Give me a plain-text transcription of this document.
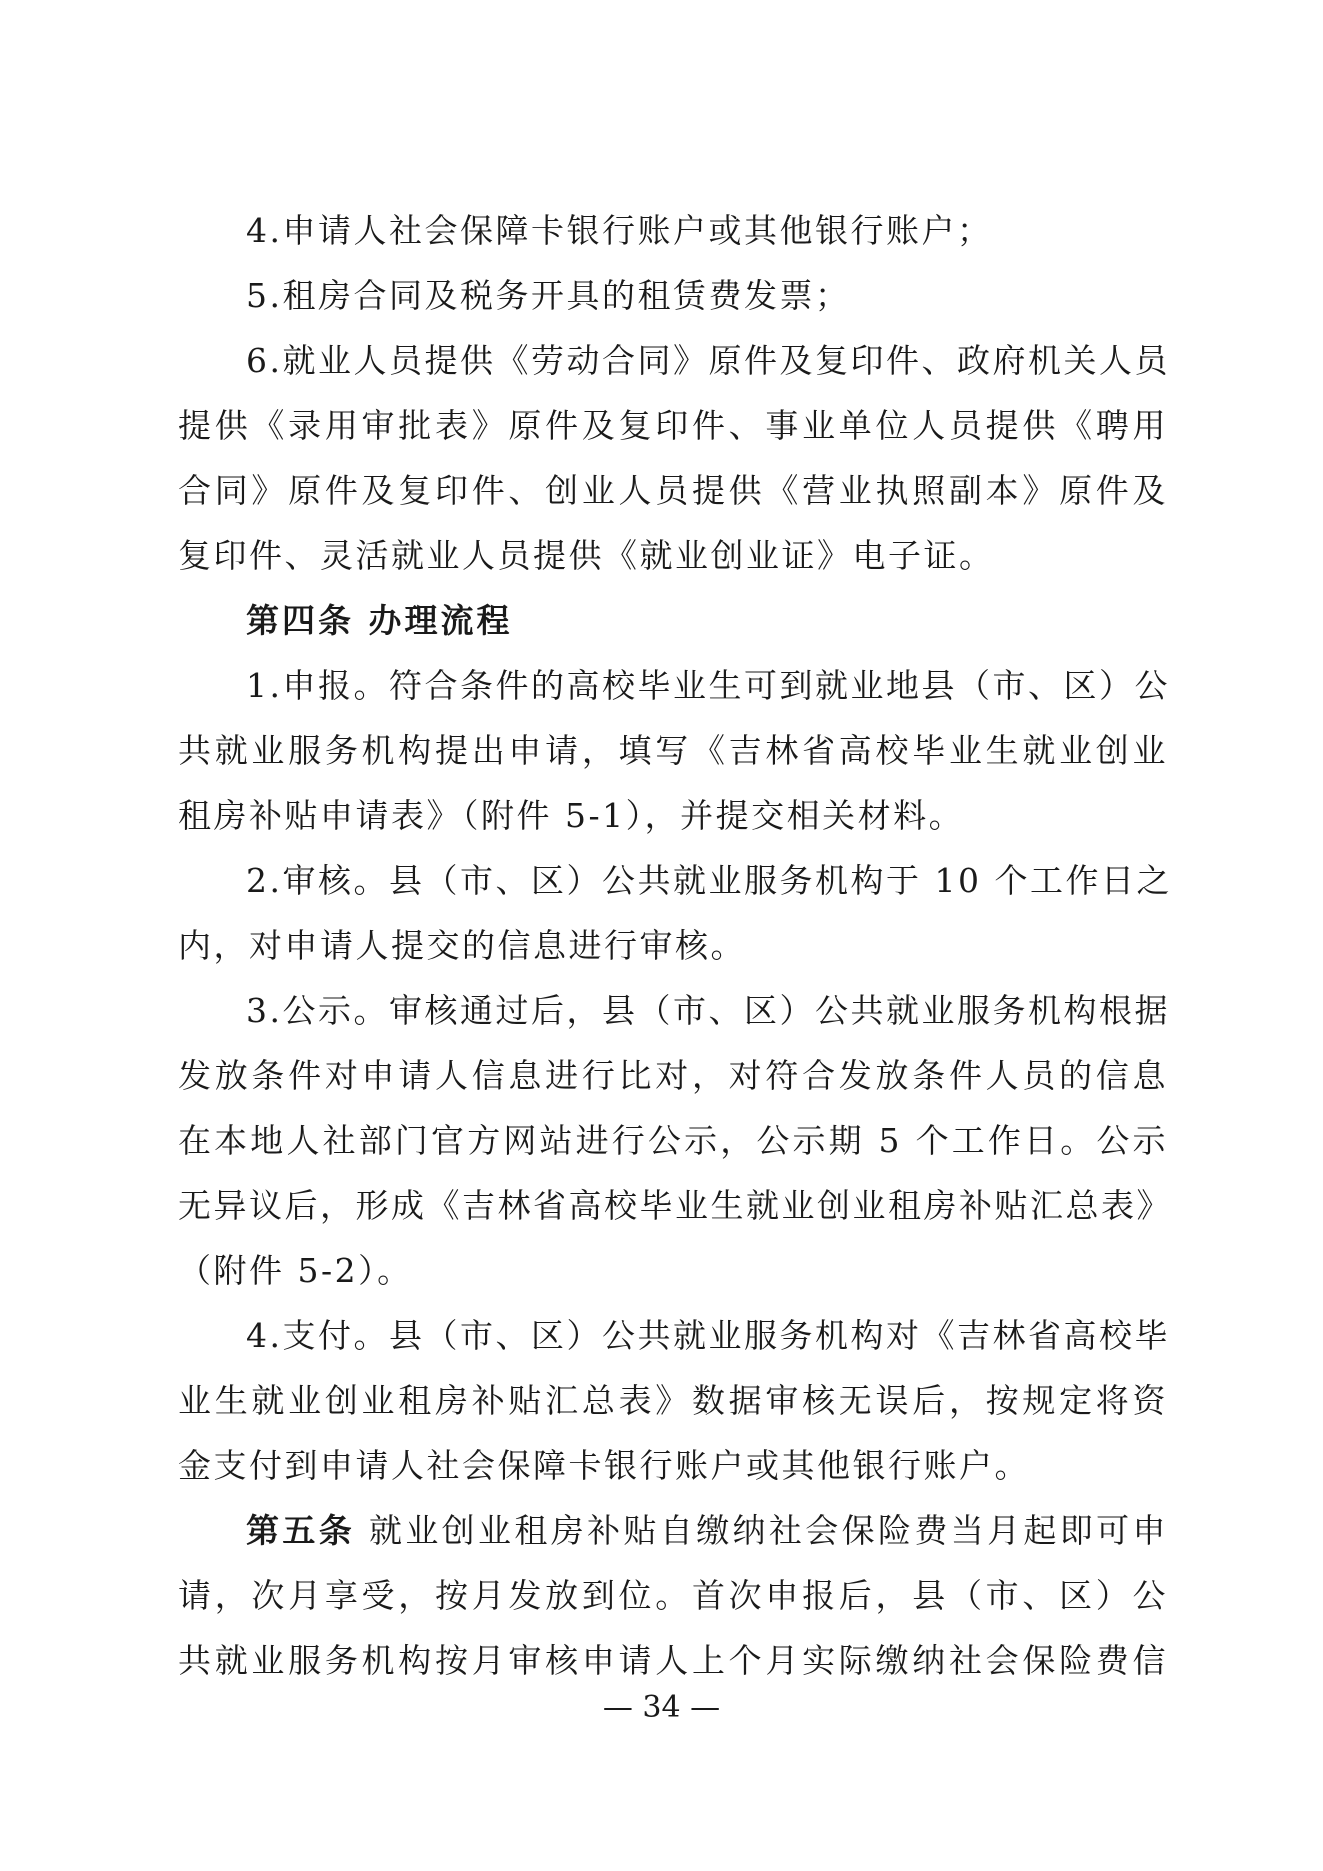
4.申请人社会保障卡银行账户或其他银行账户；
5.租房合同及税务开具的租赁费发票；
6.就业人员提供《劳动合同》原件及复印件、政府机关人员
提供《录用审批表》原件及复印件、事业单位人员提供《聘用
合同》原件及复印件、创业人员提供《营业执照副本》原件及
复印件、灵活就业人员提供《就业创业证》电子证。
第四条 办理流程
1.申报。符合条件的高校毕业生可到就业地县（市、区）公
共就业服务机构提出申请，填写《吉林省高校毕业生就业创业
租房补贴申请表》（附件 5-1），并提交相关材料。
2.审核。县（市、区）公共就业服务机构于 10 个工作日之
内，对申请人提交的信息进行审核。
3.公示。审核通过后，县（市、区）公共就业服务机构根据
发放条件对申请人信息进行比对，对符合发放条件人员的信息
在本地人社部门官方网站进行公示，公示期 5 个工作日。公示
无异议后，形成《吉林省高校毕业生就业创业租房补贴汇总表》
（附件 5-2）。
4.支付。县（市、区）公共就业服务机构对《吉林省高校毕
业生就业创业租房补贴汇总表》数据审核无误后，按规定将资
金支付到申请人社会保障卡银行账户或其他银行账户。
第五条 就业创业租房补贴自缴纳社会保险费当月起即可申
请，次月享受，按月发放到位。首次申报后，县（市、区）公
共就业服务机构按月审核申请人上个月实际缴纳社会保险费信
— 34 —
